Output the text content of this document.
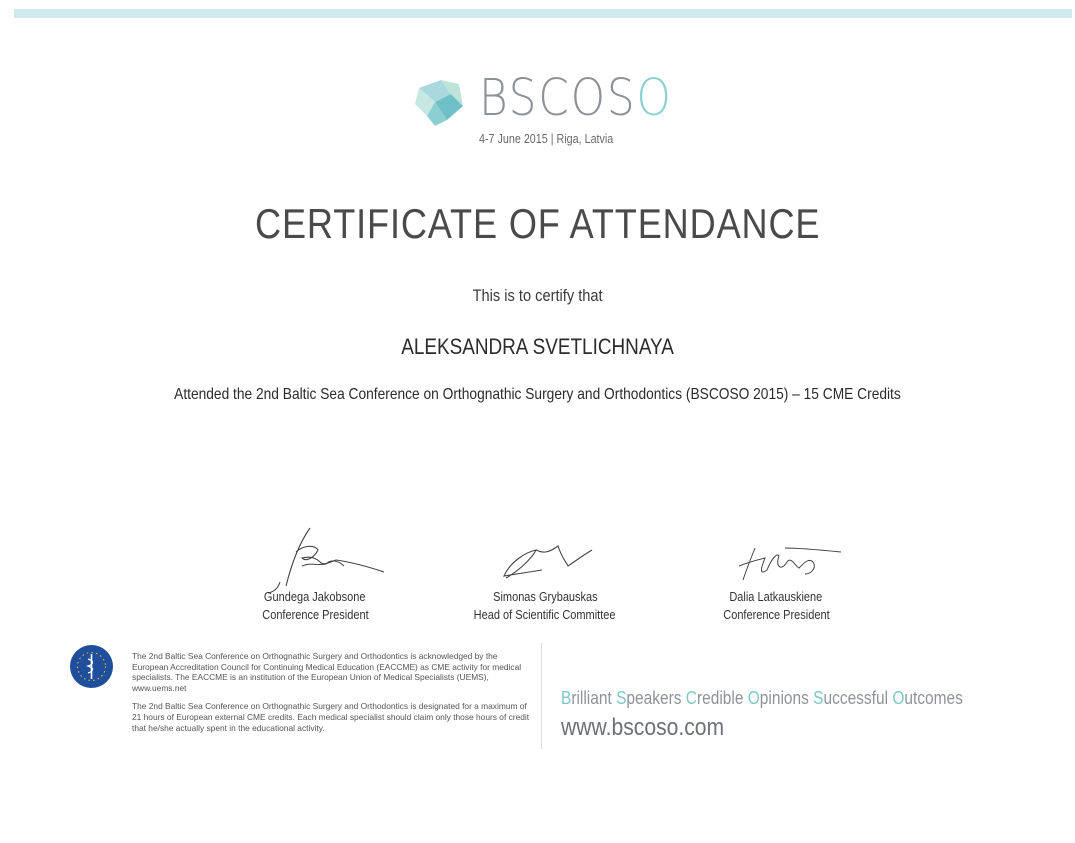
BSCOSO
4-7 June 2015 | Riga, Latvia
CERTIFICATE OF ATTENDANCE
This is to certify that
ALEKSANDRA SVETLICHNAYA
Attended the 2nd Baltic Sea Conference on Orthognathic Surgery and Orthodontics (BSCOSO 2015) – 15 CME Credits
Gundega Jakobsone
Conference President
Simonas Grybauskas
Head of Scientific Committee
Dalia Latkauskiene
Conference President

The 2nd Baltic Sea Conference on Orthognathic Surgery and Orthodontics is acknowledged by the European Accreditation Council for Continuing Medical Education (EACCME) as CME activity for medical specialists. The EACCME is an institution of the European Union of Medical Specialists (UEMS), www.uems.net

The 2nd Baltic Sea Conference on Orthognathic Surgery and Orthodontics is designated for a maximum of 21 hours of European external CME credits. Each medical specialist should claim only those hours of credit that he/she actually spent in the educational activity.

Brilliant Speakers Credible Opinions Successful Outcomes
www.bscoso.com
